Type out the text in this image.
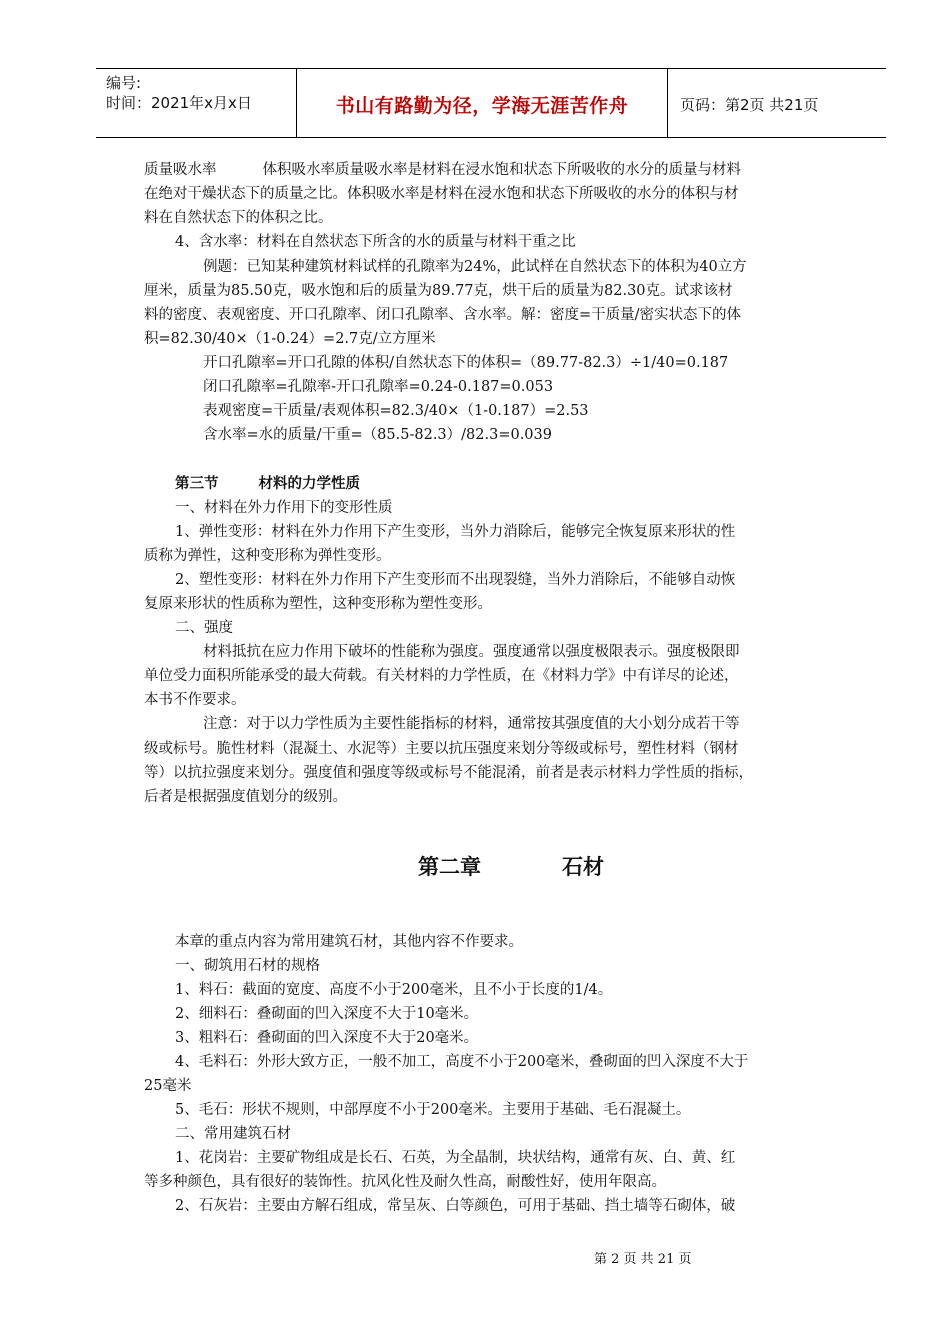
编号:
时间：2021年x月x日	书山有路勤为径，学海无涯苦作舟	页码：第2页 共21页
质量吸水率	体积吸水率质量吸水率是材料在浸水饱和状态下所吸收的水分的质量与材料
在绝对干燥状态下的质量之比。体积吸水率是材料在浸水饱和状态下所吸收的水分的体积与材
料在自然状态下的体积之比。
4、含水率：材料在自然状态下所含的水的质量与材料干重之比
例题：已知某种建筑材料试样的孔隙率为24%，此试样在自然状态下的体积为40立方
厘米，质量为85.50克，吸水饱和后的质量为89.77克，烘干后的质量为82.30克。试求该材
料的密度、表观密度、开口孔隙率、闭口孔隙率、含水率。解：密度=干质量/密实状态下的体
积=82.30/40×（1-0.24）=2.7克/立方厘米
开口孔隙率=开口孔隙的体积/自然状态下的体积=（89.77-82.3）÷1/40=0.187
闭口孔隙率=孔隙率-开口孔隙率=0.24-0.187=0.053
表观密度=干质量/表观体积=82.3/40×（1-0.187）=2.53
含水率=水的质量/干重=（85.5-82.3）/82.3=0.039
第三节	材料的力学性质
一、材料在外力作用下的变形性质
1、弹性变形：材料在外力作用下产生变形，当外力消除后，能够完全恢复原来形状的性
质称为弹性，这种变形称为弹性变形。
2、塑性变形：材料在外力作用下产生变形而不出现裂缝，当外力消除后，不能够自动恢
复原来形状的性质称为塑性，这种变形称为塑性变形。
二、强度
材料抵抗在应力作用下破坏的性能称为强度。强度通常以强度极限表示。强度极限即
单位受力面积所能承受的最大荷载。有关材料的力学性质，在《材料力学》中有详尽的论述，
本书不作要求。
注意：对于以力学性质为主要性能指标的材料，通常按其强度值的大小划分成若干等
级或标号。脆性材料（混凝土、水泥等）主要以抗压强度来划分等级或标号，塑性材料（钢材
等）以抗拉强度来划分。强度值和强度等级或标号不能混淆，前者是表示材料力学性质的指标，
后者是根据强度值划分的级别。
第二章	石材
本章的重点内容为常用建筑石材，其他内容不作要求。
一、砌筑用石材的规格
1、料石：截面的宽度、高度不小于200毫米，且不小于长度的1/4。
2、细料石：叠砌面的凹入深度不大于10毫米。
3、粗料石：叠砌面的凹入深度不大于20毫米。
4、毛料石：外形大致方正，一般不加工，高度不小于200毫米，叠砌面的凹入深度不大于
25毫米
5、毛石：形状不规则，中部厚度不小于200毫米。主要用于基础、毛石混凝土。
二、常用建筑石材
1、花岗岩：主要矿物组成是长石、石英，为全晶制，块状结构，通常有灰、白、黄、红
等多种颜色，具有很好的装饰性。抗风化性及耐久性高，耐酸性好，使用年限高。
2、石灰岩：主要由方解石组成，常呈灰、白等颜色，可用于基础、挡土墙等石砌体，破
第 2 页 共 21 页
